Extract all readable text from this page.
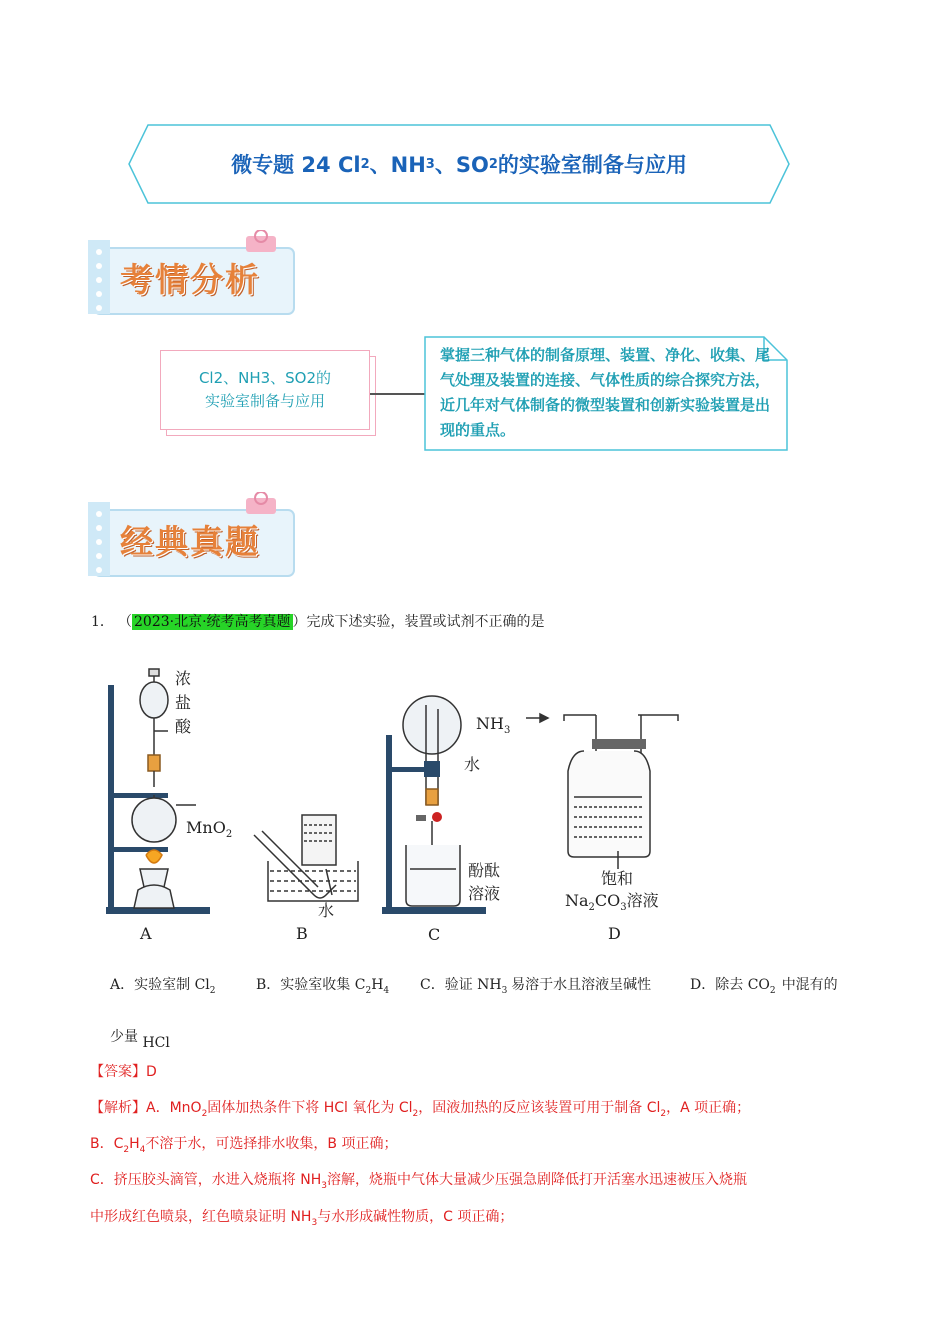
微专题 24 Cl 2 、NH 3 、SO 2 的实验室制备与应用
考情分析
Cl2、NH3、SO2的
实验室制备与应用
掌握三种气体的制备原理、装置、净化、收集、尾气处理及装置的连接、气体性质的综合探究方法，近几年对气体制备的微型装置和创新实验装置是出现的重点。
经典真题
1． （ 2023·北京·统考高考真题 ）完成下述实验，装置或试剂不正确的是
浓
盐
酸
MnO$_2$
水
$NH_3$
水
酚酞
溶液
饱和
$Na_2CO_3$溶液
A	B	C	D
A．实验室制 $Cl_2$	B．实验室收集 $C_2H_4$ C．验证 $NH_3$ 易溶于水且溶液呈碱性	D．除去 $CO_2$ 中混有的
少量 HCl
【答案】D
【解析】A．MnO$_2$固体加热条件下将 HCl 氧化为 $Cl_2$，固液加热的反应该装置可用于制备 $Cl_2$，A 项正确；
B．$C_2H_4$不溶于水，可选择排水收集，B 项正确；
C．挤压胶头滴管，水进入烧瓶将 $NH_3$溶解，烧瓶中气体大量减少压强急剧降低打开活塞水迅速被压入烧瓶
中形成红色喷泉，红色喷泉证明 $NH_3$与水形成碱性物质，C 项正确；
